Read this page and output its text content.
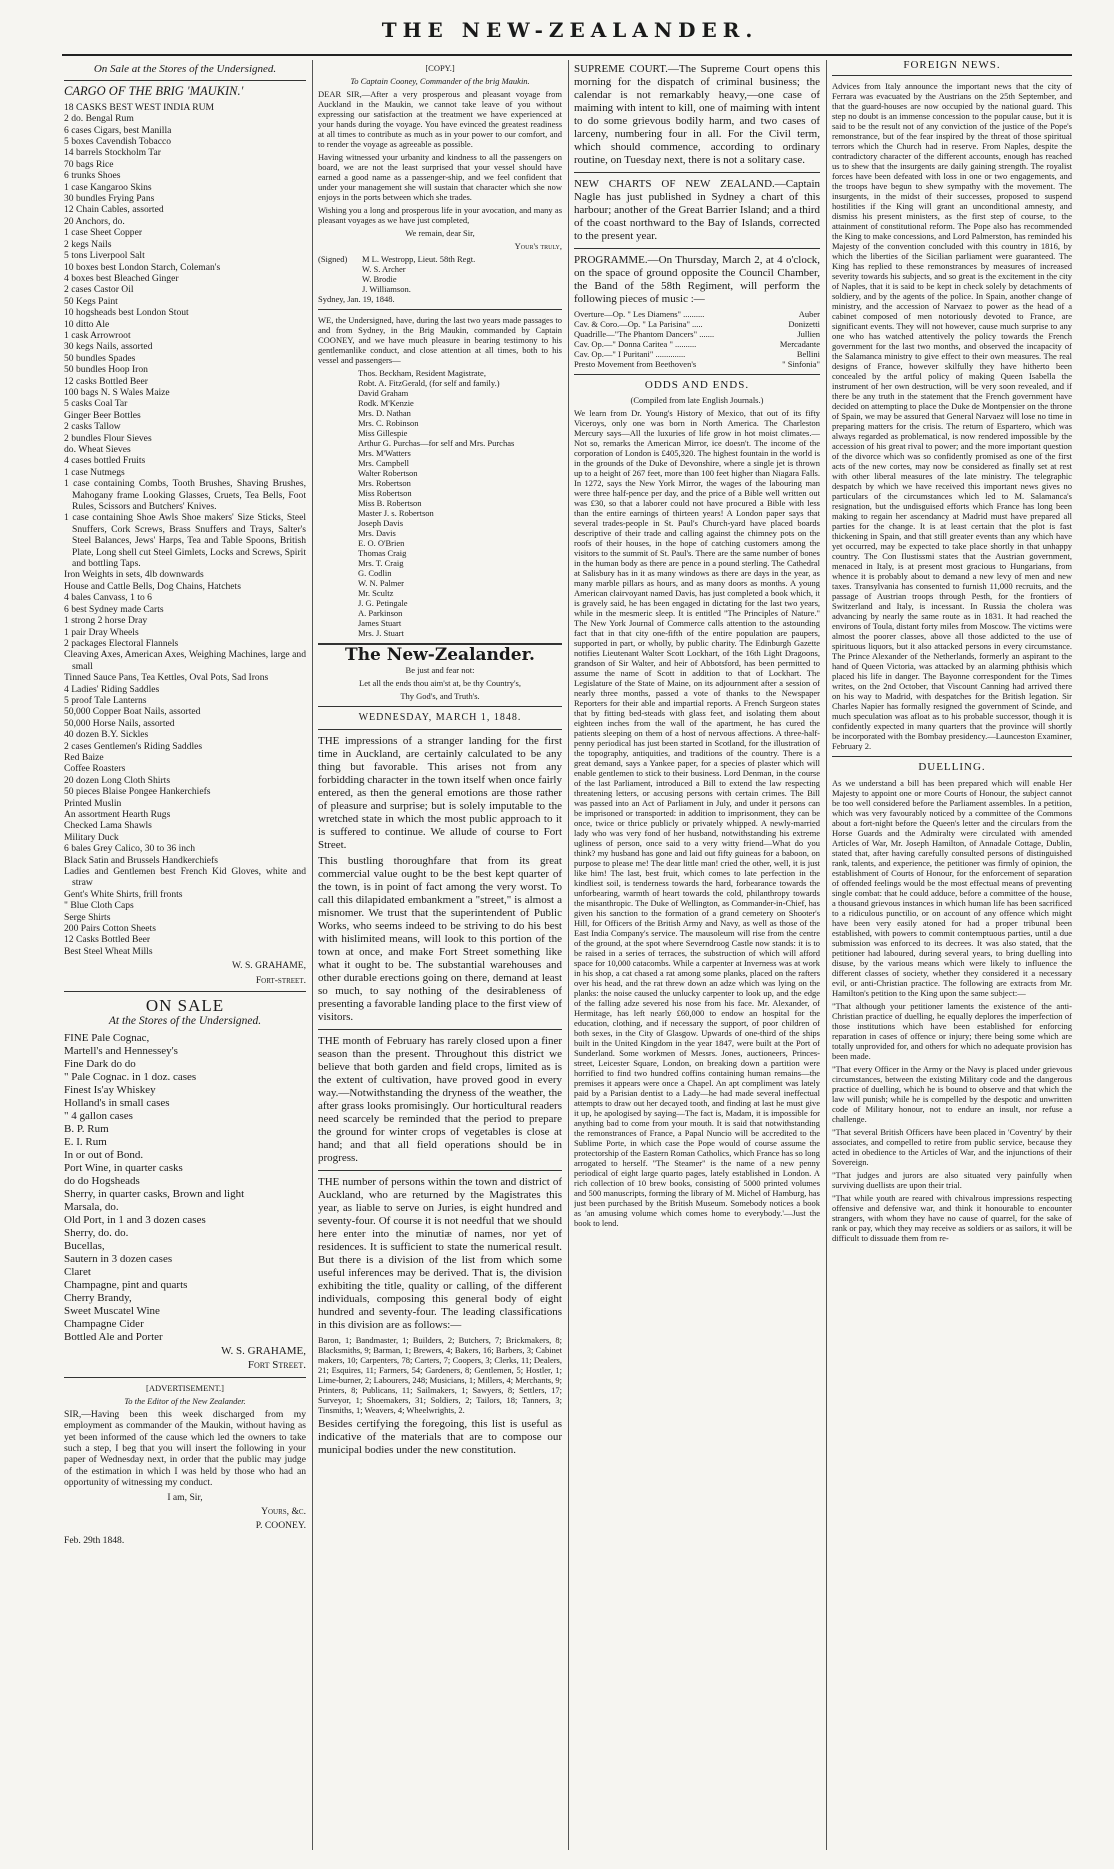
THE NEW-ZEALANDER.

On Sale at the Stores of the Undersigned.

CARGO OF THE BRIG 'MAUKIN.'

18 CASKS BEST WEST INDIA RUM
2 do. Bengal Rum
6 cases Cigars, best Manilla
5 boxes Cavendish Tobacco
14 barrels Stockholm Tar
70 bags Rice
6 trunks Shoes
1 case Kangaroo Skins
30 bundles Frying Pans
12 Chain Cables, assorted
20 Anchors, do.
1 case Sheet Copper
2 kegs Nails
5 tons Liverpool Salt
10 boxes best London Starch, Coleman's
4 boxes best Bleached Ginger
2 cases Castor Oil
50 Kegs Paint
10 hogsheads best London Stout
10 ditto Ale
1 cask Arrowroot
30 kegs Nails, assorted
50 bundles Spades
50 bundles Hoop Iron
12 casks Bottled Beer
100 bags N. S Wales Maize
5 casks Coal Tar
Ginger Beer Bottles
2 casks Tallow
2 bundles Flour Sieves
do. Wheat Sieves
4 cases bottled Fruits
1 case Nutmegs
1 case containing Combs, Tooth Brushes, Shaving Brushes, Mahogany frame Looking Glasses, Cruets, Tea Bells, Foot Rules, Scissors and Butchers' Knives.
1 case containing Shoe Awls Shoe makers' Size Sticks, Steel Snuffers, Cork Screws, Brass Snuffers and Trays, Salter's Steel Balances, Jews' Harps, Tea and Table Spoons, British Plate, Long shell cut Steel Gimlets, Locks and Screws, Spirit and bottling Taps.
Iron Weights in sets, 4lb downwards
House and Cattle Bells, Dog Chains, Hatchets
4 bales Canvass, 1 to 6
6 best Sydney made Carts
1 strong 2 horse Dray
1 pair Dray Wheels
2 packages Electoral Flannels
Cleaving Axes, American Axes, Weighing Machines, large and small
Tinned Sauce Pans, Tea Kettles, Oval Pots, Sad Irons
4 Ladies' Riding Saddles
5 proof Tale Lanterns
50,000 Copper Boat Nails, assorted
50,000 Horse Nails, assorted
40 dozen B.Y. Sickles
2 cases Gentlemen's Riding Saddles
Red Baize
Coffee Roasters
20 dozen Long Cloth Shirts
50 pieces Blaise Pongee Hankerchiefs
Printed Muslin
An assortment Hearth Rugs
Checked Lama Shawls
Military Duck
6 bales Grey Calico, 30 to 36 inch
Black Satin and Brussels Handkerchiefs
Ladies and Gentlemen best French Kid Gloves, white and straw
Gent's White Shirts, frill fronts
" Blue Cloth Caps
Serge Shirts
200 Pairs Cotton Sheets
12 Casks Bottled Beer
Best Steel Wheat Mills

W. S. GRAHAME,

Fort-street.

ON SALE

At the Stores of the Undersigned.

FINE Pale Cognac,
Martell's and Hennessey's
Fine Dark do do
" Pale Cognac. in 1 doz. cases
Finest Is'ay Whiskey
Holland's in small cases
" 4 gallon cases
B. P. Rum
E. I. Rum
In or out of Bond.
Port Wine, in quarter casks
do do Hogsheads
Sherry, in quarter casks, Brown and light
Marsala, do.
Old Port, in 1 and 3 dozen cases
Sherry, do. do.
Bucellas,
Sautern in 3 dozen cases
Claret
Champagne, pint and quarts
Cherry Brandy,
Sweet Muscatel Wine
Champagne Cider
Bottled Ale and Porter

W. S. GRAHAME,

Fort Street.

[ADVERTISEMENT.]

To the Editor of the New Zealander.

SIR,—Having been this week discharged from my employment as commander of the Maukin, without having as yet been informed of the cause which led the owners to take such a step, I beg that you will insert the following in your paper of Wednesday next, in order that the public may judge of the estimation in which I was held by those who had an opportunity of witnessing my conduct.

I am, Sir,

Yours, &c.

P. COONEY.

Feb. 29th 1848.

[COPY.]

To Captain Cooney, Commander of the brig Maukin.

DEAR SIR,—After a very prosperous and pleasant voyage from Auckland in the Maukin, we cannot take leave of you without expressing our satisfaction at the treatment we have experienced at your hands during the voyage. You have evinced the greatest readiness at all times to contribute as much as in your power to our comfort, and to render the voyage as agreeable as possible.

Having witnessed your urbanity and kindness to all the passengers on board, we are not the least surprised that your vessel should have earned a good name as a passenger-ship, and we feel confident that under your management she will sustain that character which she now enjoys in the ports between which she trades.

Wishing you a long and prosperous life in your avocation, and many as pleasant voyages as we have just completed,

We remain, dear Sir,

Your's truly,

(Signed)	M L. Westropp, Lieut. 58th Regt.
W. S. Archer
W. Brodie
J. Williamson.

Sydney, Jan. 19, 1848.

WE, the Undersigned, have, during the last two years made passages to and from Sydney, in the Brig Maukin, commanded by Captain COONEY, and we have much pleasure in bearing testimony to his gentlemanlike conduct, and close attention at all times, both to his vessel and passengers—

Thos. Beckham, Resident Magistrate,
Robt. A. FitzGerald, (for self and family.)
David Graham
Rodk. M'Kenzie
Mrs. D. Nathan
Mrs. C. Robinson
Miss Gillespie
Arthur G. Purchas—for self and Mrs. Purchas
Mrs. M'Watters
Mrs. Campbell
Walter Robertson
Mrs. Robertson
Miss Robertson
Miss B. Robertson
Master J. s. Robertson
Joseph Davis
Mrs. Davis
E. O. O'Brien
Thomas Craig
Mrs. T. Craig
G. Codlin
W. N. Palmer
Mr. Scultz
J. G. Petingale
A. Parkinson
James Stuart
Mrs. J. Stuart
The New-Zealander.

Be just and fear not:

Let all the ends thou aim'st at, be thy Country's,

Thy God's, and Truth's.

WEDNESDAY, MARCH 1, 1848.

THE impressions of a stranger landing for the first time in Auckland, are certainly calculated to be any thing but favorable. This arises not from any forbidding character in the town itself when once fairly entered, as then the general emotions are those rather of pleasure and surprise; but is solely imputable to the wretched state in which the most public approach to it is suffered to continue. We allude of course to Fort Street.

This bustling thoroughfare that from its great commercial value ought to be the best kept quarter of the town, is in point of fact among the very worst. To call this dilapidated embankment a "street," is almost a misnomer. We trust that the superintendent of Public Works, who seems indeed to be striving to do his best with hislimited means, will look to this portion of the town at once, and make Fort Street something like what it ought to be. The substantial warehouses and other durable erections going on there, demand at least so much, to say nothing of the desirableness of presenting a favorable landing place to the first view of visitors.

THE month of February has rarely closed upon a finer season than the present. Throughout this district we believe that both garden and field crops, limited as is the extent of cultivation, have proved good in every way.—Notwithstanding the dryness of the weather, the after grass looks promisingly. Our horticultural readers need scarcely be reminded that the period to prepare the ground for winter crops of vegetables is close at hand; and that all field operations should be in progress.

THE number of persons within the town and district of Auckland, who are returned by the Magistrates this year, as liable to serve on Juries, is eight hundred and seventy-four. Of course it is not needful that we should here enter into the minutiæ of names, nor yet of residences. It is sufficient to state the numerical result. But there is a division of the list from which some useful inferences may be derived. That is, the division exhibiting the title, quality or calling, of the different individuals, composing this general body of eight hundred and seventy-four. The leading classifications in this division are as follows:—

Baron, 1; Bandmaster, 1; Builders, 2; Butchers, 7; Brickmakers, 8; Blacksmiths, 9; Barman, 1; Brewers, 4; Bakers, 16; Barbers, 3; Cabinet makers, 10; Carpenters, 78; Carters, 7; Coopers, 3; Clerks, 11; Dealers, 21; Esquires, 11; Farmers, 54; Gardeners, 8; Gentlemen, 5; Hostler, 1; Lime-burner, 2; Labourers, 248; Musicians, 1; Millers, 4; Merchants, 9; Printers, 8; Publicans, 11; Sailmakers, 1; Sawyers, 8; Settlers, 17; Surveyor, 1; Shoemakers, 31; Soldiers, 2; Tailors, 18; Tanners, 3; Tinsmiths, 1; Weavers, 4; Wheelwrights, 2.

Besides certifying the foregoing, this list is useful as indicative of the materials that are to compose our municipal bodies under the new constitution.

SUPREME COURT.—The Supreme Court opens this morning for the dispatch of criminal business; the calendar is not remarkably heavy,—one case of maiming with intent to kill, one of maiming with intent to do some grievous bodily harm, and two cases of larceny, numbering four in all. For the Civil term, which should commence, according to ordinary routine, on Tuesday next, there is not a solitary case.

NEW CHARTS OF NEW ZEALAND.—Captain Nagle has just published in Sydney a chart of this harbour; another of the Great Barrier Island; and a third of the coast northward to the Bay of Islands, corrected to the present year.

PROGRAMME.—On Thursday, March 2, at 4 o'clock, on the space of ground opposite the Council Chamber, the Band of the 58th Regiment, will perform the following pieces of music :—

Overture—Op. " Les Diamens" ..........	Auber
Cav. & Coro.—Op. " La Parisina" .....	Donizetti
Quadrille—"The Phantom Dancers" .......	Jullien
Cav. Op.—" Donna Caritea " ..........	Mercadante
Cav. Op.—" I Puritani" ..............	Bellini
Presto Movement from Beethoven's	" Sinfonia"

ODDS AND ENDS.

(Compiled from late English Journals.)

We learn from Dr. Young's History of Mexico, that out of its fifty Viceroys, only one was born in North America. The Charleston Mercury says—All the luxuries of life grow in hot moist climates.—Not so, remarks the American Mirror, ice doesn't. The income of the corporation of London is £405,320. The highest fountain in the world is in the grounds of the Duke of Devonshire, where a single jet is thrown up to a height of 267 feet, more than 100 feet higher than Niagara Falls. In 1272, says the New York Mirror, the wages of the labouring man were three half-pence per day, and the price of a Bible well written out was £30, so that a laborer could not have procured a Bible with less than the entire earnings of thirteen years! A London paper says that several trades-people in St. Paul's Church-yard have placed boards descriptive of their trade and calling against the chimney pots on the roofs of their houses, in the hope of catching customers among the visitors to the summit of St. Paul's. There are the same number of bones in the human body as there are pence in a pound sterling. The Cathedral at Salisbury has in it as many windows as there are days in the year, as many marble pillars as hours, and as many doors as months. A young American clairvoyant named Davis, has just completed a book which, it is gravely said, he has been engaged in dictating for the last two years, while in the mesmeric sleep. It is entitled "The Principles of Nature." The New York Journal of Commerce calls attention to the astounding fact that in that city one-fifth of the entire population are paupers, supported in part, or wholly, by public charity. The Edinburgh Gazette notifies Lieutenant Walter Scott Lockhart, of the 16th Light Dragoons, grandson of Sir Walter, and heir of Abbotsford, has been permitted to assume the name of Scott in addition to that of Lockhart. The Legislature of the State of Maine, on its adjournment after a session of nearly three months, passed a vote of thanks to the Newspaper Reporters for their able and impartial reports. A French Surgeon states that by fitting bed-steads with glass feet, and isolating them about eighteen inches from the wall of the apartment, he has cured the patients sleeping on them of a host of nervous affections. A three-half-penny periodical has just been started in Scotland, for the illustration of the topography, antiquities, and traditions of the country. There is a great demand, says a Yankee paper, for a species of plaster which will enable gentlemen to stick to their business. Lord Denman, in the course of the last Parliament, introduced a Bill to extend the law respecting threatening letters, or accusing persons with certain crimes. The Bill was passed into an Act of Parliament in July, and under it persons can be imprisoned or transported: in addition to imprisonment, they can be once, twice or thrice publicly or privately whipped. A newly-married lady who was very fond of her husband, notwithstanding his extreme ugliness of person, once said to a very witty friend—What do you think? my husband has gone and laid out fifty guineas for a baboon, on purpose to please me! The dear little man! cried the other, well, it is just like him! The last, best fruit, which comes to late perfection in the kindliest soil, is tenderness towards the hard, forbearance towards the unforbearing, warmth of heart towards the cold, philanthropy towards the misanthropic. The Duke of Wellington, as Commander-in-Chief, has given his sanction to the formation of a grand cemetery on Shooter's Hill, for Officers of the British Army and Navy, as well as those of the East India Company's service. The mausoleum will rise from the centre of the ground, at the spot where Severndroog Castle now stands: it is to be raised in a series of terraces, the substruction of which will afford space for 10,000 catacombs. While a carpenter at Inverness was at work in his shop, a cat chased a rat among some planks, placed on the rafters over his head, and the rat threw down an adze which was lying on the planks: the noise caused the unlucky carpenter to look up, and the edge of the falling adze severed his nose from his face. Mr. Alexander, of Hermitage, has left nearly £60,000 to endow an hospital for the education, clothing, and if necessary the support, of poor children of both sexes, in the City of Glasgow. Upwards of one-third of the ships built in the United Kingdom in the year 1847, were built at the Port of Sunderland. Some workmen of Messrs. Jones, auctioneers, Princes-street, Leicester Square, London, on breaking down a partition were horrified to find two hundred coffins containing human remains—the premises it appears were once a Chapel. An apt compliment was lately paid by a Parisian dentist to a Lady—he had made several ineffectual attempts to draw out her decayed tooth, and finding at last he must give it up, he apologised by saying—The fact is, Madam, it is impossible for anything bad to come from your mouth. It is said that notwithstanding the remonstrances of France, a Papal Nuncio will be accredited to the Sublime Porte, in which case the Pope would of course assume the protectorship of the Eastern Roman Catholics, which France has so long arrogated to herself. "The Steamer" is the name of a new penny periodical of eight large quarto pages, lately established in London. A rich collection of 10 brew books, consisting of 5000 printed volumes and 500 manuscripts, forming the library of M. Michel of Hamburg, has just been purchased by the British Museum. Somebody notices a book as 'an amusing volume which comes home to everybody.'—Just the book to lend.

FOREIGN NEWS.

Advices from Italy announce the important news that the city of Ferrara was evacuated by the Austrians on the 25th September, and that the guard-houses are now occupied by the national guard. This step no doubt is an immense concession to the popular cause, but it is said to be the result not of any conviction of the justice of the Pope's remonstrance, but of the fear inspired by the threat of those spiritual terrors which the Church had in reserve. From Naples, despite the contradictory character of the different accounts, enough has reached us to shew that the insurgents are daily gaining strength. The royalist forces have been defeated with loss in one or two engagements, and the troops have begun to shew sympathy with the movement. The insurgents, in the midst of their successes, proposed to suspend hostilities if the King will grant an unconditional amnesty, and dismiss his present ministers, as the first step of course, to the attainment of constitutional reform. The Pope also has recommended the King to make concessions, and Lord Palmerston, has reminded his Majesty of the convention concluded with this country in 1816, by which the liberties of the Sicilian parliament were guaranteed. The King has replied to these remonstrances by measures of increased severity towards his subjects, and so great is the excitement in the city of Naples, that it is said to be kept in check solely by detachments of soldiery, and by the agents of the police. In Spain, another change of ministry, and the accession of Narvaez to power as the head of a cabinet composed of men notoriously devoted to France, are significant events. They will not however, cause much surprise to any one who has watched attentively the policy towards the French government for the last two months, and observed the incapacity of the Salamanca ministry to give effect to their own measures. The real designs of France, however skilfully they have hitherto been concealed by the artful policy of making Queen Isabella the instrument of her own destruction, will be very soon revealed, and if there be any truth in the statement that the French government have decided on attempting to place the Duke de Montpensier on the throne of Spain, we may be assured that General Narvaez will lose no time in preparing matters for the crisis. The return of Espartero, which was always regarded as problematical, is now rendered impossible by the accession of his great rival to power; and the more important question of the divorce which was so confidently promised as one of the first acts of the new cortes, may now be considered as finally set at rest with other liberal measures of the late ministry. The telegraphic despatch by which we have received this important news gives no particulars of the circumstances which led to M. Salamanca's resignation, but the undisguised efforts which France has long been making to regain her ascendancy at Madrid must have prepared all parties for the change. It is at least certain that the plot is fast thickening in Spain, and that still greater events than any which have yet occurred, may be expected to take place shortly in that unhappy country. The Con Ilustissmi states that the Austrian government, menaced in Italy, is at present most gracious to Hungarians, from whence it is probably about to demand a new levy of men and new taxes. Transylvania has consented to furnish 11,000 recruits, and the passage of Austrian troops through Pesth, for the frontiers of Switzerland and Italy, is incessant. In Russia the cholera was advancing by nearly the same route as in 1831. It had reached the environs of Toula, distant forty miles from Moscow. The victims were almost the poorer classes, above all those addicted to the use of spirituous liquors, but it also attacked persons in every circumstance. The Prince Alexander of the Netherlands, formerly an aspirant to the hand of Queen Victoria, was attacked by an alarming phthisis which placed his life in danger. The Bayonne correspondent for the Times writes, on the 2nd October, that Viscount Canning had arrived there on his way to Madrid, with despatches for the British legation. Sir Charles Napier has formally resigned the government of Scinde, and much speculation was afloat as to his probable successor, though it is confidently expected in many quarters that the province will shortly be incorporated with the Bombay presidency.—Launceston Examiner, February 2.

DUELLING.

As we understand a bill has been prepared which will enable Her Majesty to appoint one or more Courts of Honour, the subject cannot be too well considered before the Parliament assembles. In a petition, which was very favourably noticed by a committee of the Commons about a fort-night before the Queen's letter and the circulars from the Horse Guards and the Admiralty were circulated with amended Articles of War, Mr. Joseph Hamilton, of Annadale Cottage, Dublin, stated that, after having carefully consulted persons of distinguished rank, talents, and experience, the petitioner was firmly of opinion, the establishment of Courts of Honour, for the enforcement of separation of offended feelings would be the most effectual means of preventing single combat: that he could adduce, before a committee of the house, a thousand grievous instances in which human life has been sacrificed to a ridiculous punctilio, or on account of any offence which might have been very easily atoned for had a proper tribunal been established, with powers to commit contemptuous parties, until a due submission was enforced to its decrees. It was also stated, that the petitioner had laboured, during several years, to bring duelling into disuse, by the various means which were likely to influence the different classes of society, whether they considered it a necessary evil, or anti-Christian practice. The following are extracts from Mr. Hamilton's petition to the King upon the same subject:—

"That although your petitioner laments the existence of the anti-Christian practice of duelling, he equally deplores the imperfection of those institutions which have been established for enforcing reparation in cases of offence or injury; there being some which are totally unprovided for, and others for which no adequate provision has been made.

"That every Officer in the Army or the Navy is placed under grievous circumstances, between the existing Military code and the dangerous practice of duelling, which he is bound to observe and that which the law will punish; while he is compelled by the despotic and unwritten code of Military honour, not to endure an insult, nor refuse a challenge.

"That several British Officers have been placed in 'Coventry' by their associates, and compelled to retire from public service, because they acted in obedience to the Articles of War, and the injunctions of their Sovereign.

"That judges and jurors are also situated very painfully when surviving duellists are upon their trial.

"That while youth are reared with chivalrous impressions respecting offensive and defensive war, and think it honourable to encounter strangers, with whom they have no cause of quarrel, for the sake of rank or pay, which they may receive as soldiers or as sailors, it will be difficult to dissuade them from re-
